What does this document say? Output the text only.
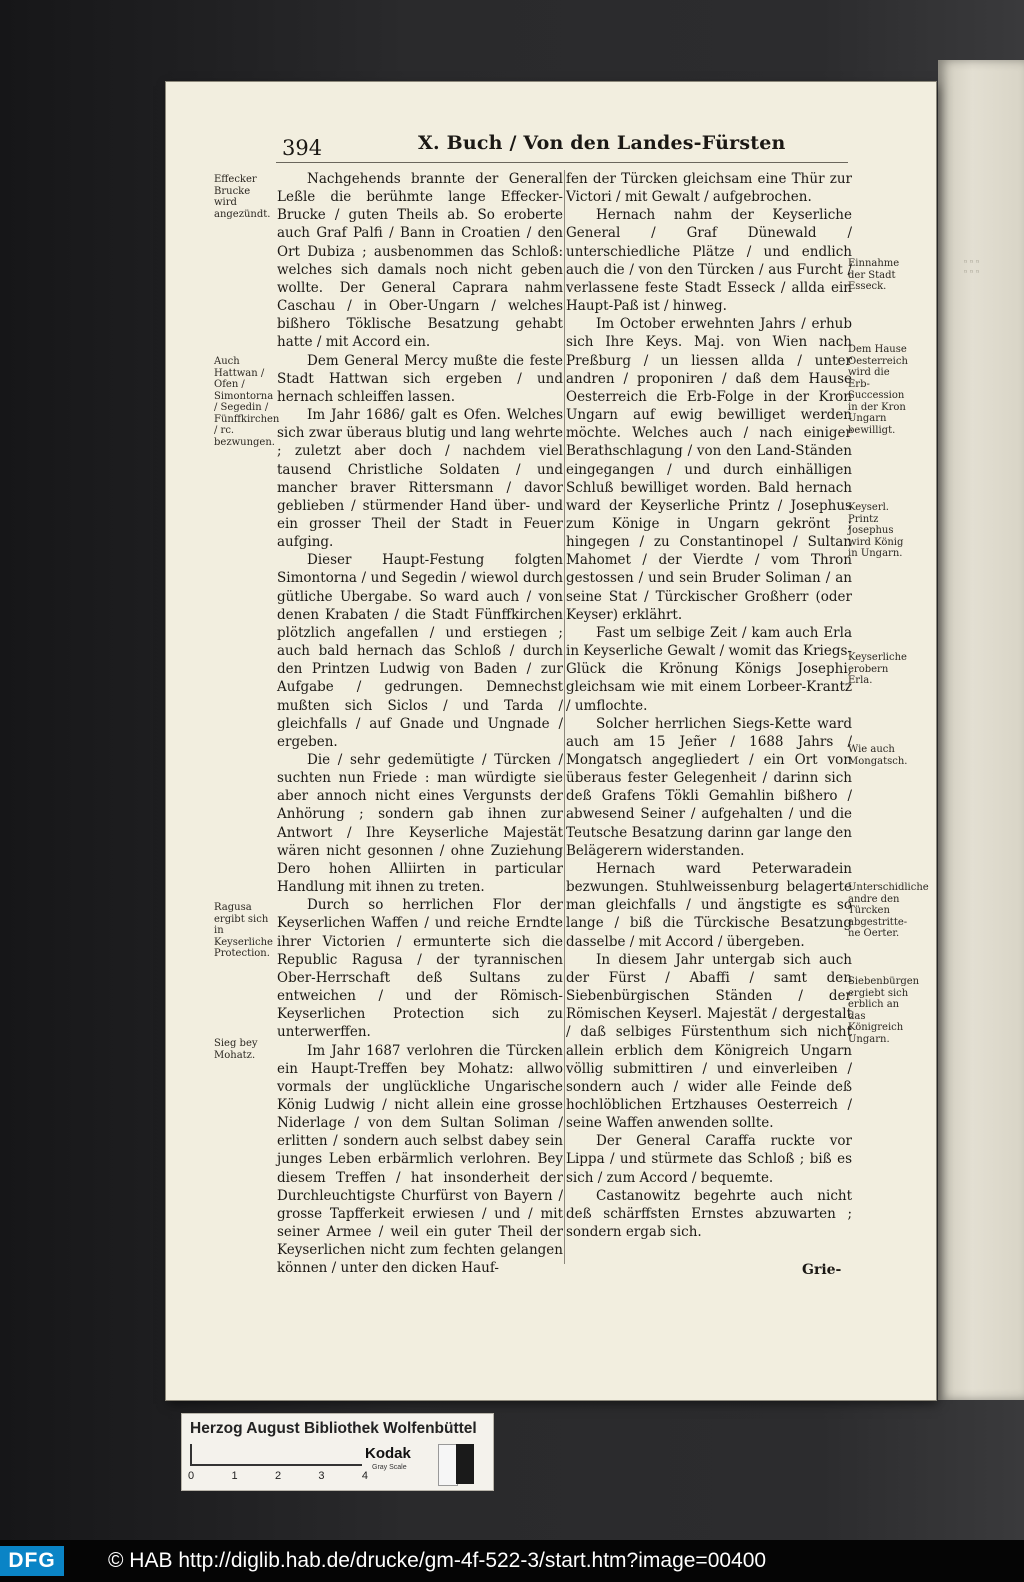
ⁿ ⁿ ⁿ
ⁿ ⁿ ⁿ
394	X. Buch / Von den Landes-Fürsten
Effecker Brucke wird angezündt.
Auch Hattwan / Ofen / Simontorna / Segedin / Fünffkirchen / rc. bezwungen.
Ragusa ergibt sich in Keyserliche Protection.
Sieg bey Mohatz.
Einnahme der Stadt Esseck.
Dem Hause Oesterreich wird die Erb-Succession in der Kron Ungarn bewilligt.
Keyserl. Printz Josephus wird König in Ungarn.
Keyserliche erobern Erla.
Wie auch Mongatsch.
Unterschidliche andre den Türcken abgestritte-ne Oerter.
Siebenbürgen ergiebt sich erblich an das Königreich Ungarn.

Nachgehends brannte der General Leßle die berühmte lange Effecker-Brucke / guten Theils ab. So eroberte auch Graf Palfi / Bann in Croatien / den Ort Dubiza ; ausbenommen das Schloß: welches sich damals noch nicht geben wollte. Der General Caprara nahm Caschau / in Ober-Ungarn / welches bißhero Töklische Besatzung gehabt hatte / mit Accord ein.

Dem General Mercy mußte die feste Stadt Hattwan sich ergeben / und hernach schleiffen lassen.

Im Jahr 1686/ galt es Ofen. Welches sich zwar überaus blutig und lang wehrte ; zuletzt aber doch / nachdem viel tausend Christliche Soldaten / und mancher braver Rittersmann / davor geblieben / stürmender Hand über- und ein grosser Theil der Stadt in Feuer aufging.

Dieser Haupt-Festung folgten Simontorna / und Segedin / wiewol durch gütliche Ubergabe. So ward auch / von denen Krabaten / die Stadt Fünffkirchen plötzlich angefallen / und erstiegen ; auch bald hernach das Schloß / durch den Printzen Ludwig von Baden / zur Aufgabe / gedrungen. Demnechst mußten sich Siclos / und Tarda / gleichfalls / auf Gnade und Ungnade / ergeben.

Die / sehr gedemütigte / Türcken / suchten nun Friede : man würdigte sie aber annoch nicht eines Vergunsts der Anhörung ; sondern gab ihnen zur Antwort / Ihre Keyserliche Majestät wären nicht gesonnen / ohne Zuziehung Dero hohen Alliirten in particular Handlung mit ihnen zu treten.

Durch so herrlichen Flor der Keyserlichen Waffen / und reiche Erndte ihrer Victorien / ermunterte sich die Republic Ragusa / der tyrannischen Ober-Herrschaft deß Sultans zu entweichen / und der Römisch-Keyserlichen Protection sich zu unterwerffen.

Im Jahr 1687 verlohren die Türcken ein Haupt-Treffen bey Mohatz: allwo vormals der unglückliche Ungarische König Ludwig / nicht allein eine grosse Niderlage / von dem Sultan Soliman / erlitten / sondern auch selbst dabey sein junges Leben erbärmlich verlohren. Bey diesem Treffen / hat insonderheit der Durchleuchtigste Churfürst von Bayern / grosse Tapfferkeit erwiesen / und / mit seiner Armee / weil ein guter Theil der Keyserlichen nicht zum fechten gelangen können / unter den dicken Hauf-

fen der Türcken gleichsam eine Thür zur Victori / mit Gewalt / aufgebrochen.

Hernach nahm der Keyserliche General / Graf Dünewald / unterschiedliche Plätze / und endlich auch die / von den Türcken / aus Furcht / verlassene feste Stadt Esseck / allda ein Haupt-Paß ist / hinweg.

Im October erwehnten Jahrs / erhub sich Ihre Keys. Maj. von Wien nach Preßburg / un liessen allda / unter andren / proponiren / daß dem Hause Oesterreich die Erb-Folge in der Kron Ungarn auf ewig bewilliget werden möchte. Welches auch / nach einiger Berathschlagung / von den Land-Ständen eingegangen / und durch einhälligen Schluß bewilliget worden. Bald hernach ward der Keyserliche Printz / Josephus zum Könige in Ungarn gekrönt ; hingegen / zu Constantinopel / Sultan Mahomet / der Vierdte / vom Thron gestossen / und sein Bruder Soliman / an seine Stat / Türckischer Großherr (oder Keyser) erklährt.

Fast um selbige Zeit / kam auch Erla in Keyserliche Gewalt / womit das Kriegs-Glück die Krönung Königs Josephi, gleichsam wie mit einem Lorbeer-Krantz / umflochte.

Solcher herrlichen Siegs-Kette ward auch am 15 Jeñer / 1688 Jahrs / Mongatsch angegliedert / ein Ort von überaus fester Gelegenheit / darinn sich deß Grafens Tökli Gemahlin bißhero / abwesend Seiner / aufgehalten / und die Teutsche Besatzung darinn gar lange den Belägerern widerstanden.

Hernach ward Peterwaradein bezwungen. Stuhlweissenburg belagerte man gleichfalls / und ängstigte es so lange / biß die Türckische Besatzung dasselbe / mit Accord / übergeben.

In diesem Jahr untergab sich auch der Fürst / Abaffi / samt den Siebenbürgischen Ständen / der Römischen Keyserl. Majestät / dergestalt / daß selbiges Fürstenthum sich nicht allein erblich dem Königreich Ungarn völlig submittiren / und einverleiben / sondern auch / wider alle Feinde deß hochlöblichen Ertzhauses Oesterreich / seine Waffen anwenden sollte.

Der General Caraffa ruckte vor Lippa / und stürmete das Schloß ; biß es sich / zum Accord / bequemte.

Castanowitz begehrte auch nicht deß schärffsten Ernstes abzuwarten ; sondern ergab sich.

Grie-
Herzog August Bibliothek Wolfenbüttel
0	1	2	3	4
Kodak
Gray Scale
DFG	© HAB http://diglib.hab.de/drucke/gm-4f-522-3/start.htm?image=00400
